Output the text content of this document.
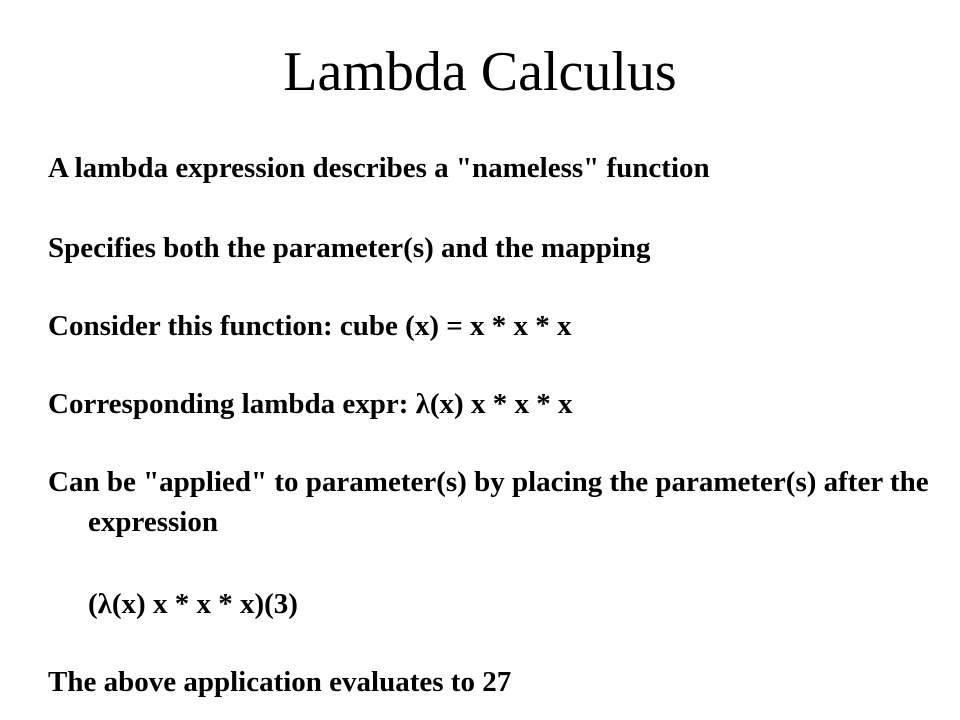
Lambda Calculus

A lambda expression describes a "nameless" function

Specifies both the parameter(s) and the mapping

Consider this function: cube (x) = x * x * x

Corresponding lambda expr: λ(x) x * x * x

Can be "applied" to parameter(s) by placing the parameter(s) after the expression

(λ(x) x * x * x)(3)

The above application evaluates to 27
